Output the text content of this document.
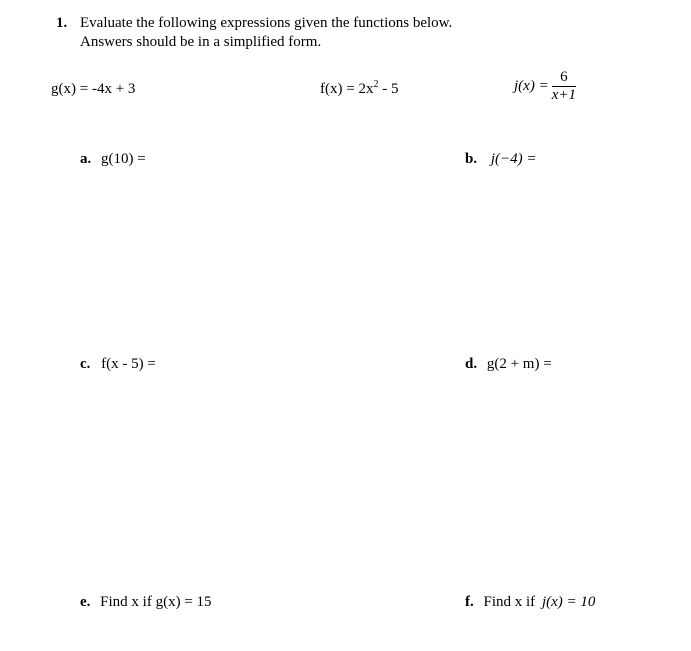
1. Evaluate the following expressions given the functions below.
Answers should be in a simplified form.
g(x) = -4x + 3	$f(x) = 2x^2 - 5$	$j(x) = \frac{6}{x+1}$
a. g(10) =	b. j(−4) =
c. f(x - 5) =	d. g(2 + m) =
e. Find x if g(x) = 15	f. Find x if j(x) = 10
